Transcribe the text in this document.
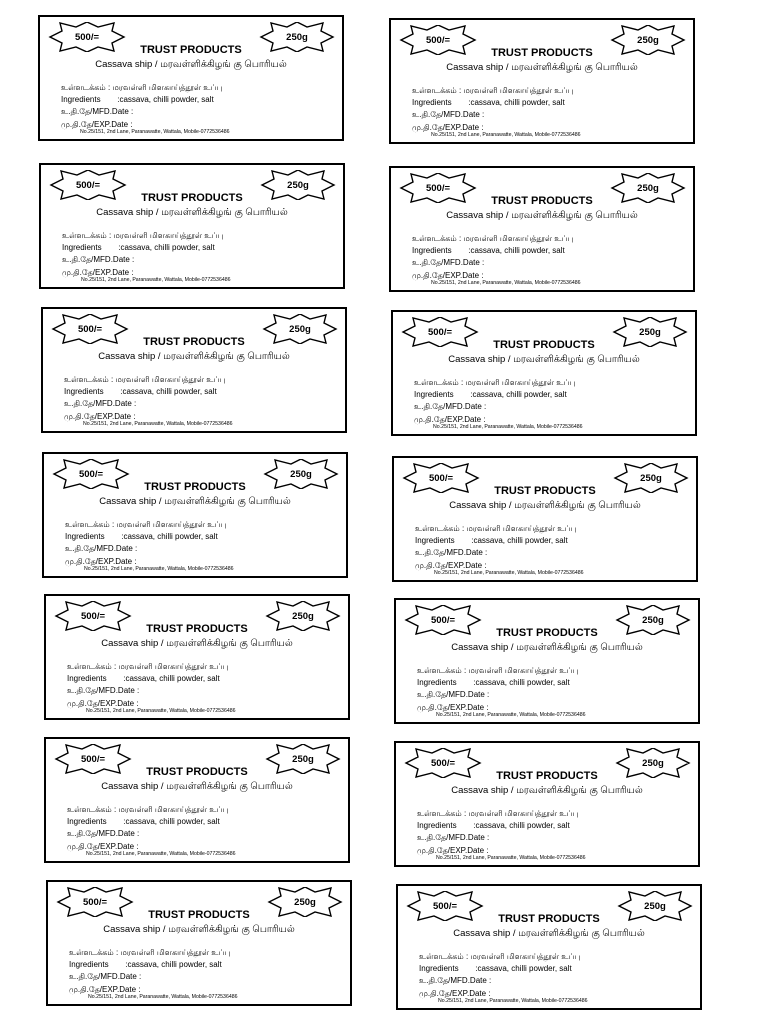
500/=	250g
TRUST PRODUCTS
Cassava ship / மரவள்ளிக்கிழங் கு பொரியல்
உள்ளடக்கம் : மரவள்ளி மிளகாய்த்தூள் உப்பு
Ingredients :cassava, chilli powder, salt
உ.தி.தே/MFD.Date :
மு.தி.தே/EXP.Date :
No.25/151, 2nd Lane, Paranawatte, Wattala, Mobile-0772536486
500/=	250g
TRUST PRODUCTS
Cassava ship / மரவள்ளிக்கிழங் கு பொரியல்
உள்ளடக்கம் : மரவள்ளி மிளகாய்த்தூள் உப்பு
Ingredients :cassava, chilli powder, salt
உ.தி.தே/MFD.Date :
மு.தி.தே/EXP.Date :
No.25/151, 2nd Lane, Paranawatte, Wattala, Mobile-0772536486
500/=	250g
TRUST PRODUCTS
Cassava ship / மரவள்ளிக்கிழங் கு பொரியல்
உள்ளடக்கம் : மரவள்ளி மிளகாய்த்தூள் உப்பு
Ingredients :cassava, chilli powder, salt
உ.தி.தே/MFD.Date :
மு.தி.தே/EXP.Date :
No.25/151, 2nd Lane, Paranawatte, Wattala, Mobile-0772536486
500/=	250g
TRUST PRODUCTS
Cassava ship / மரவள்ளிக்கிழங் கு பொரியல்
உள்ளடக்கம் : மரவள்ளி மிளகாய்த்தூள் உப்பு
Ingredients :cassava, chilli powder, salt
உ.தி.தே/MFD.Date :
மு.தி.தே/EXP.Date :
No.25/151, 2nd Lane, Paranawatte, Wattala, Mobile-0772536486
500/=	250g
TRUST PRODUCTS
Cassava ship / மரவள்ளிக்கிழங் கு பொரியல்
உள்ளடக்கம் : மரவள்ளி மிளகாய்த்தூள் உப்பு
Ingredients :cassava, chilli powder, salt
உ.தி.தே/MFD.Date :
மு.தி.தே/EXP.Date :
No.25/151, 2nd Lane, Paranawatte, Wattala, Mobile-0772536486
500/=	250g
TRUST PRODUCTS
Cassava ship / மரவள்ளிக்கிழங் கு பொரியல்
உள்ளடக்கம் : மரவள்ளி மிளகாய்த்தூள் உப்பு
Ingredients :cassava, chilli powder, salt
உ.தி.தே/MFD.Date :
மு.தி.தே/EXP.Date :
No.25/151, 2nd Lane, Paranawatte, Wattala, Mobile-0772536486
500/=	250g
TRUST PRODUCTS
Cassava ship / மரவள்ளிக்கிழங் கு பொரியல்
உள்ளடக்கம் : மரவள்ளி மிளகாய்த்தூள் உப்பு
Ingredients :cassava, chilli powder, salt
உ.தி.தே/MFD.Date :
மு.தி.தே/EXP.Date :
No.25/151, 2nd Lane, Paranawatte, Wattala, Mobile-0772536486
500/=	250g
TRUST PRODUCTS
Cassava ship / மரவள்ளிக்கிழங் கு பொரியல்
உள்ளடக்கம் : மரவள்ளி மிளகாய்த்தூள் உப்பு
Ingredients :cassava, chilli powder, salt
உ.தி.தே/MFD.Date :
மு.தி.தே/EXP.Date :
No.25/151, 2nd Lane, Paranawatte, Wattala, Mobile-0772536486
500/=	250g
TRUST PRODUCTS
Cassava ship / மரவள்ளிக்கிழங் கு பொரியல்
உள்ளடக்கம் : மரவள்ளி மிளகாய்த்தூள் உப்பு
Ingredients :cassava, chilli powder, salt
உ.தி.தே/MFD.Date :
மு.தி.தே/EXP.Date :
No.25/151, 2nd Lane, Paranawatte, Wattala, Mobile-0772536486
500/=	250g
TRUST PRODUCTS
Cassava ship / மரவள்ளிக்கிழங் கு பொரியல்
உள்ளடக்கம் : மரவள்ளி மிளகாய்த்தூள் உப்பு
Ingredients :cassava, chilli powder, salt
உ.தி.தே/MFD.Date :
மு.தி.தே/EXP.Date :
No.25/151, 2nd Lane, Paranawatte, Wattala, Mobile-0772536486
500/=	250g
TRUST PRODUCTS
Cassava ship / மரவள்ளிக்கிழங் கு பொரியல்
உள்ளடக்கம் : மரவள்ளி மிளகாய்த்தூள் உப்பு
Ingredients :cassava, chilli powder, salt
உ.தி.தே/MFD.Date :
மு.தி.தே/EXP.Date :
No.25/151, 2nd Lane, Paranawatte, Wattala, Mobile-0772536486
500/=	250g
TRUST PRODUCTS
Cassava ship / மரவள்ளிக்கிழங் கு பொரியல்
உள்ளடக்கம் : மரவள்ளி மிளகாய்த்தூள் உப்பு
Ingredients :cassava, chilli powder, salt
உ.தி.தே/MFD.Date :
மு.தி.தே/EXP.Date :
No.25/151, 2nd Lane, Paranawatte, Wattala, Mobile-0772536486
500/=	250g
TRUST PRODUCTS
Cassava ship / மரவள்ளிக்கிழங் கு பொரியல்
உள்ளடக்கம் : மரவள்ளி மிளகாய்த்தூள் உப்பு
Ingredients :cassava, chilli powder, salt
உ.தி.தே/MFD.Date :
மு.தி.தே/EXP.Date :
No.25/151, 2nd Lane, Paranawatte, Wattala, Mobile-0772536486
500/=	250g
TRUST PRODUCTS
Cassava ship / மரவள்ளிக்கிழங் கு பொரியல்
உள்ளடக்கம் : மரவள்ளி மிளகாய்த்தூள் உப்பு
Ingredients :cassava, chilli powder, salt
உ.தி.தே/MFD.Date :
மு.தி.தே/EXP.Date :
No.25/151, 2nd Lane, Paranawatte, Wattala, Mobile-0772536486
